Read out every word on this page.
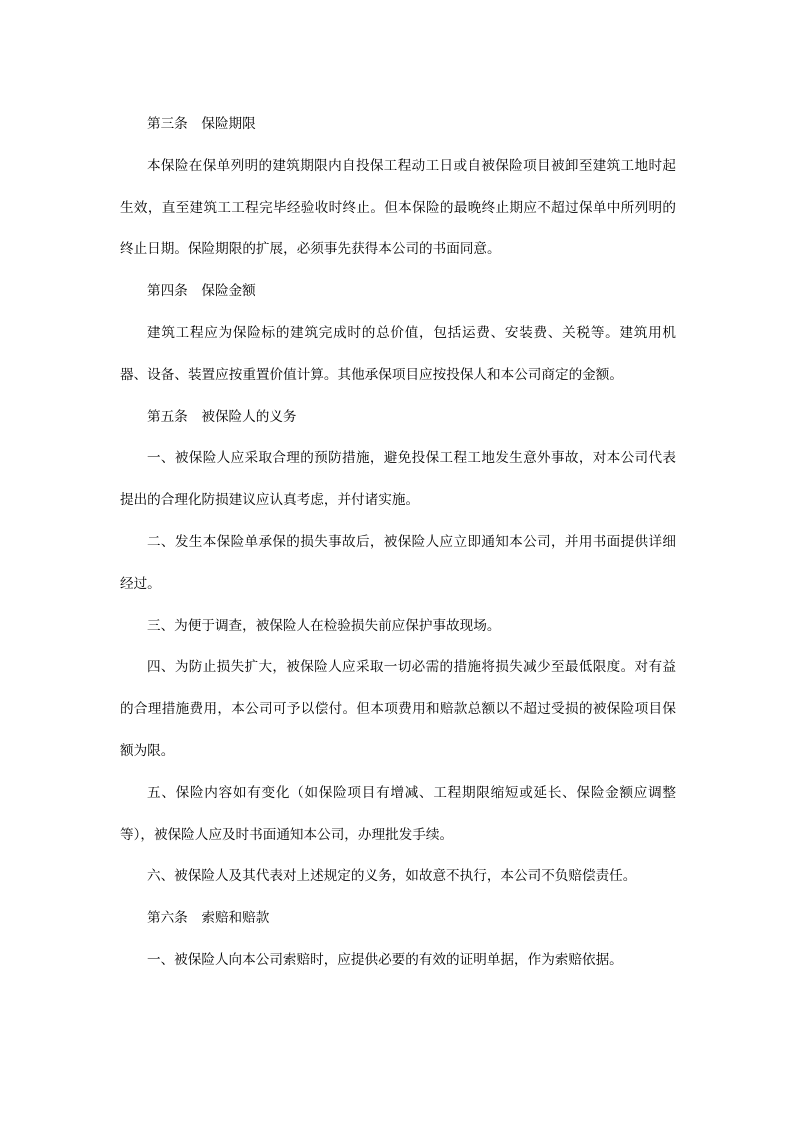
第三条　保险期限

本保险在保单列明的建筑期限内自投保工程动工日或自被保险项目被卸至建筑工地时起生效，直至建筑工工程完毕经验收时终止。但本保险的最晚终止期应不超过保单中所列明的终止日期。保险期限的扩展，必须事先获得本公司的书面同意。

第四条　保险金额

建筑工程应为保险标的建筑完成时的总价值，包括运费、安装费、关税等。建筑用机器、设备、装置应按重置价值计算。其他承保项目应按投保人和本公司商定的金额。

第五条　被保险人的义务

一、被保险人应采取合理的预防措施，避免投保工程工地发生意外事故，对本公司代表提出的合理化防损建议应认真考虑，并付诸实施。

二、发生本保险单承保的损失事故后，被保险人应立即通知本公司，并用书面提供详细经过。

三、为便于调查，被保险人在检验损失前应保护事故现场。

四、为防止损失扩大，被保险人应采取一切必需的措施将损失减少至最低限度。对有益的合理措施费用，本公司可予以偿付。但本项费用和赔款总额以不超过受损的被保险项目保额为限。

五、保险内容如有变化（如保险项目有增减、工程期限缩短或延长、保险金额应调整等），被保险人应及时书面通知本公司，办理批发手续。

六、被保险人及其代表对上述规定的义务，如故意不执行，本公司不负赔偿责任。

第六条　索赔和赔款

一、被保险人向本公司索赔时，应提供必要的有效的证明单据，作为索赔依据。
